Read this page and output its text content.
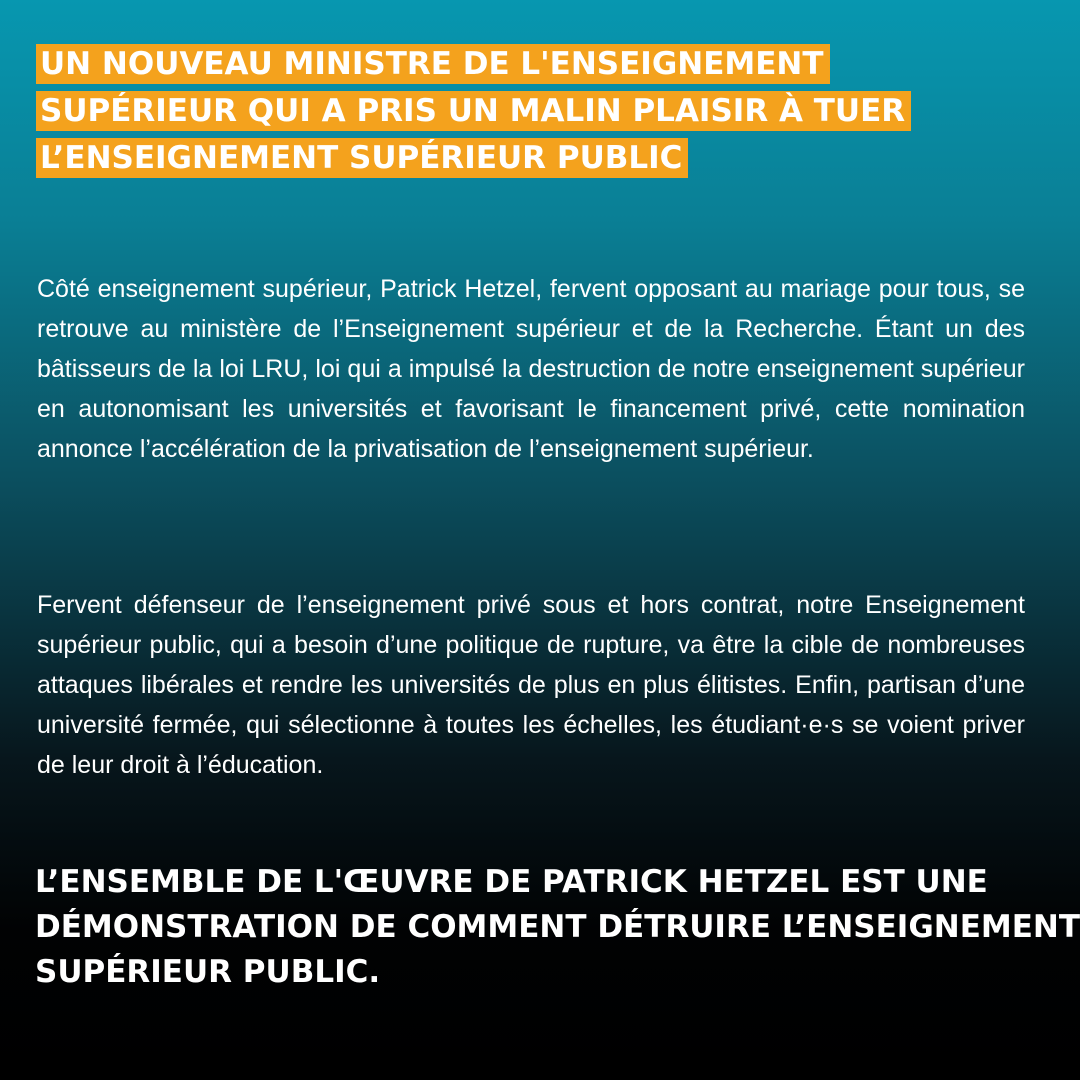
UN NOUVEAU MINISTRE DE L'ENSEIGNEMENT
SUPÉRIEUR QUI A PRIS UN MALIN PLAISIR À TUER
L’ENSEIGNEMENT SUPÉRIEUR PUBLIC

Côté enseignement supérieur, Patrick Hetzel, fervent opposant au mariage pour tous, se retrouve au ministère de l’Enseignement supérieur et de la Recherche. Étant un des bâtisseurs de la loi LRU, loi qui a impulsé la destruction de notre enseignement supérieur en autonomisant les universités et favorisant le financement privé, cette nomination annonce l’accélération de la privatisation de l’enseignement supérieur.

Fervent défenseur de l’enseignement privé sous et hors contrat, notre Enseignement supérieur public, qui a besoin d’une politique de rupture, va être la cible de nombreuses attaques libérales et rendre les universités de plus en plus élitistes. Enfin, partisan d’une université fermée, qui sélectionne à toutes les échelles, les étudiant·e·s se voient priver de leur droit à l’éducation.

L’ENSEMBLE DE L'ŒUVRE DE PATRICK HETZEL EST UNE
DÉMONSTRATION DE COMMENT DÉTRUIRE L’ENSEIGNEMENT
SUPÉRIEUR PUBLIC.
